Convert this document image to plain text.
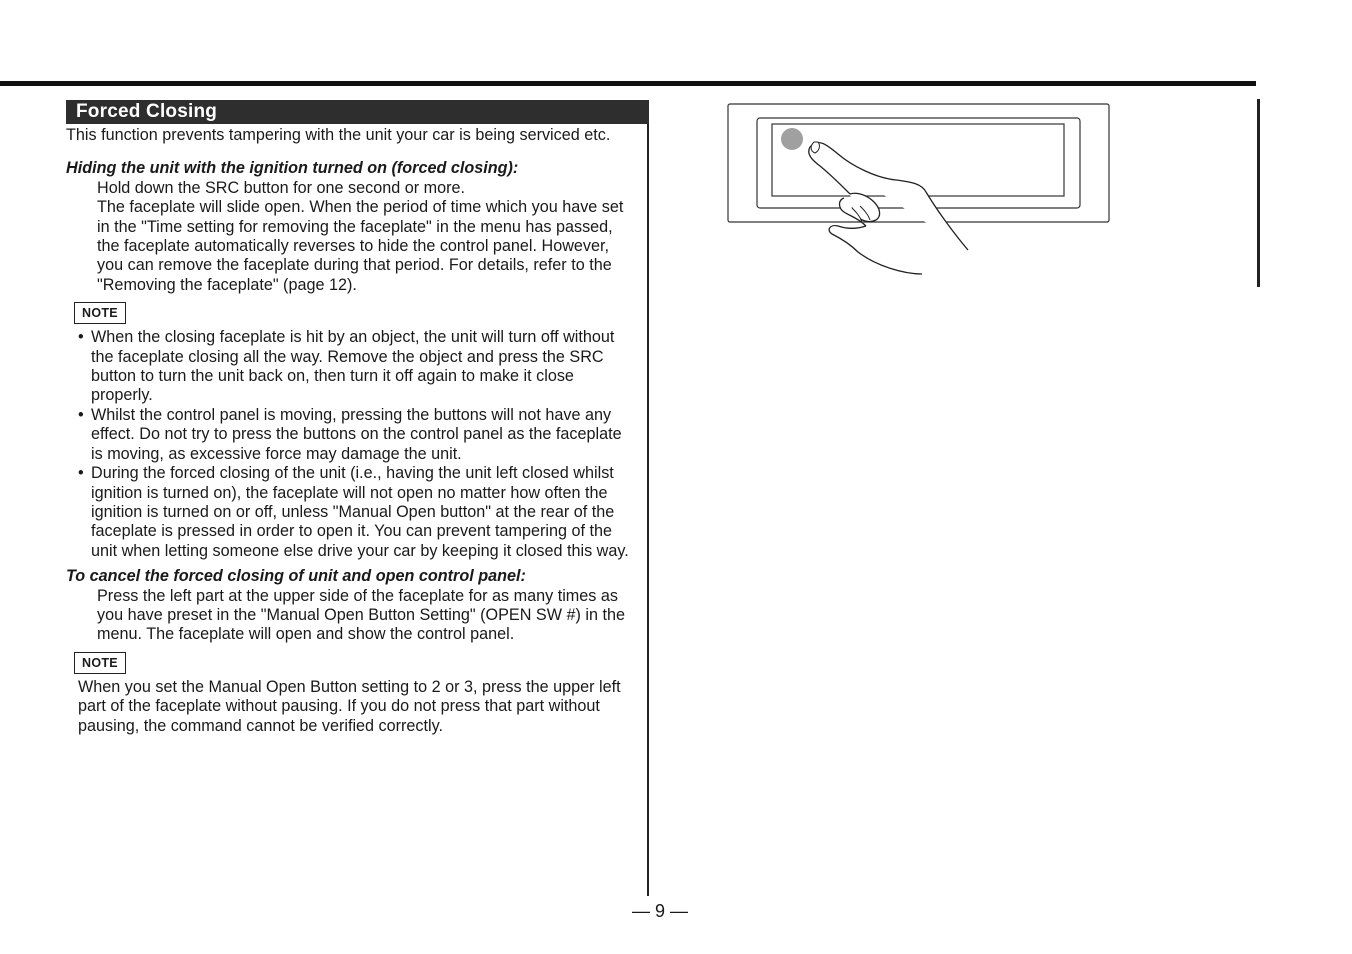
Forced Closing

This function prevents tampering with the unit your car is being serviced etc.

Hiding the unit with the ignition turned on (forced closing):

Hold down the SRC button for one second or more.

The faceplate will slide open. When the period of time which you have set in the "Time setting for removing the faceplate" in the menu has passed, the faceplate automatically reverses to hide the control panel. However, you can remove the faceplate during that period. For details, refer to the "Removing the faceplate" (page 12).

NOTE
• When the closing faceplate is hit by an object, the unit will turn off without the faceplate closing all the way. Remove the object and press the SRC button to turn the unit back on, then turn it off again to make it close properly.
• Whilst the control panel is moving, pressing the buttons will not have any effect. Do not try to press the buttons on the control panel as the faceplate is moving, as excessive force may damage the unit.
• During the forced closing of the unit (i.e., having the unit left closed whilst ignition is turned on), the faceplate will not open no matter how often the ignition is turned on or off, unless "Manual Open button" at the rear of the faceplate is pressed in order to open it. You can prevent tampering of the unit when letting someone else drive your car by keeping it closed this way.

To cancel the forced closing of unit and open control panel:

Press the left part at the upper side of the faceplate for as many times as you have preset in the "Manual Open Button Setting" (OPEN SW #) in the menu. The faceplate will open and show the control panel.

NOTE

When you set the Manual Open Button setting to 2 or 3, press the upper left part of the faceplate without pausing. If you do not press that part without pausing, the command cannot be verified correctly.

— 9 —
